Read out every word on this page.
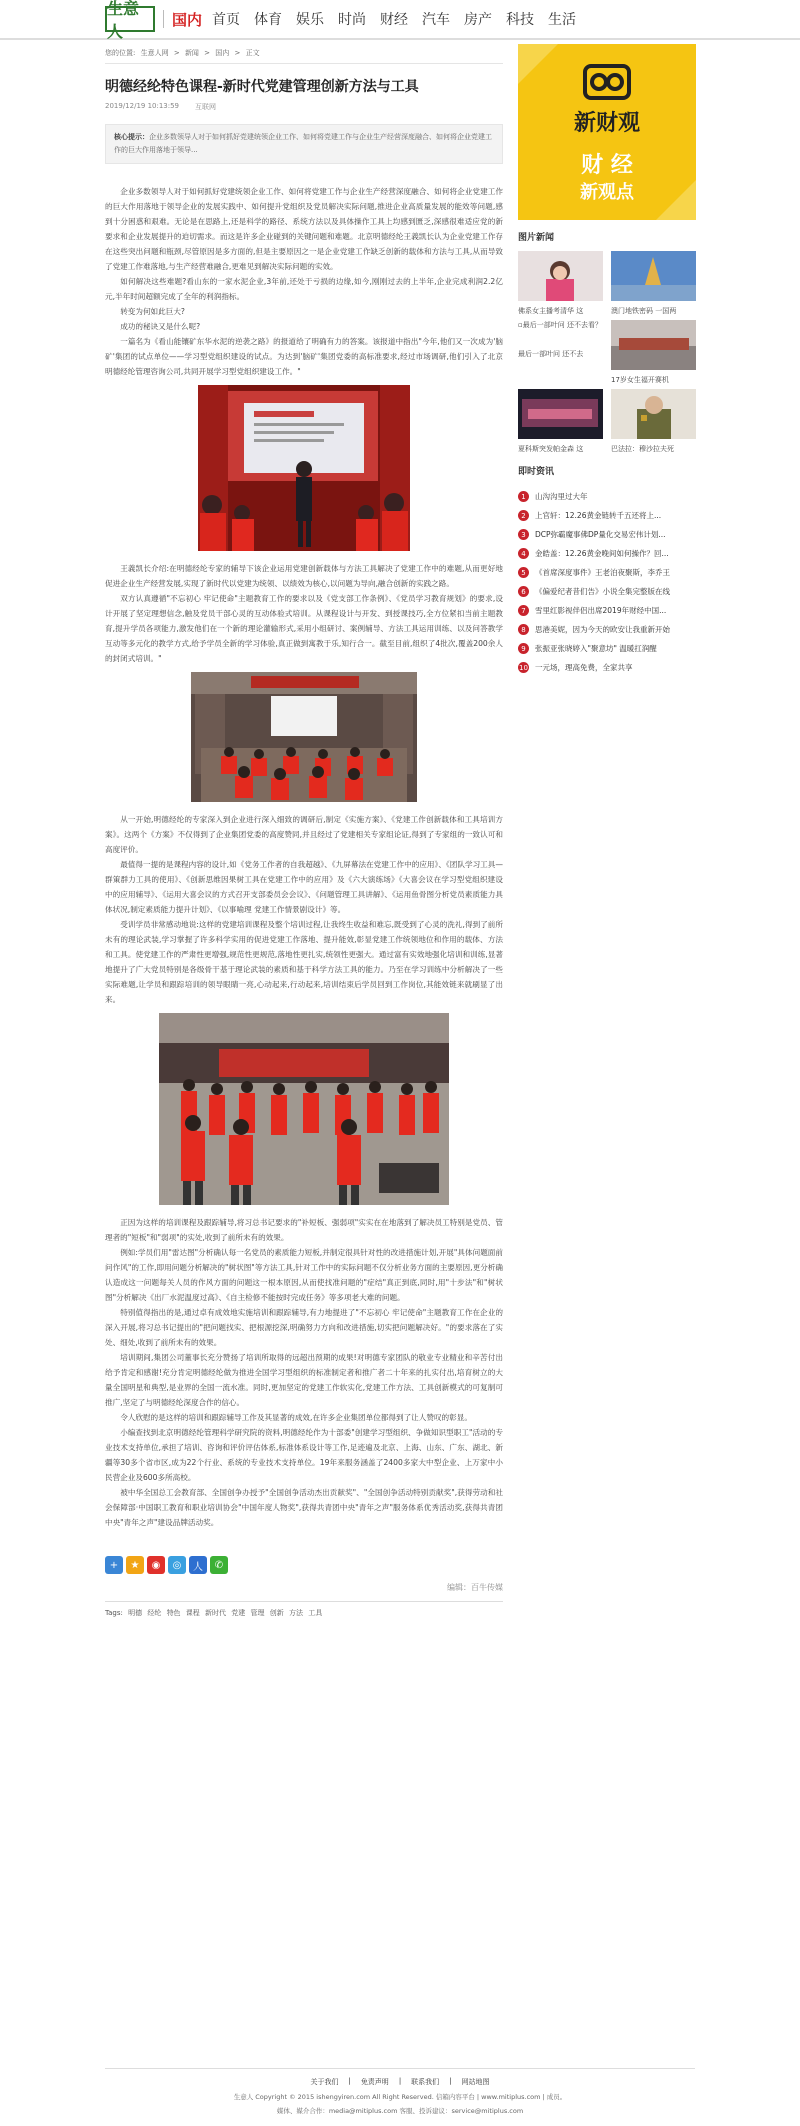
生意人
国内 首页 体育 娱乐 时尚 财经 汽车 房产 科技 生活
您的位置: 生意人网 > 新闻 > 国内 > 正文
明德经纶特色课程-新时代党建管理创新方法与工具
2019/12/19 10:13:59 互联网
核心提示：企业多数领导人对于如何抓好党建统领企业工作、如何将党建工作与企业生产经营深度融合、如何将企业党建工作的巨大作用落地于领导...

企业多数领导人对于如何抓好党建统领企业工作、如何将党建工作与企业生产经营深度融合、如何将企业党建工作的巨大作用落地于领导企业的发展实践中、如何提升党组织及党员解决实际问题,推进企业高质量发展的能效等问题,感到十分困惑和艰难。无论是在思路上,还是科学的路径、系统方法以及具体操作工具上均感到匮乏,深感很难适应党的新要求和企业发展提升的迫切需求。而这是许多企业碰到的关键问题和难题。北京明德经纶王義凯长认为企业党建工作存在这些突出问题和瓶颈,尽管原因是多方面的,但是主要原因之一是企业党建工作缺乏创新的载体和方法与工具,从而导致了党建工作难落地,与生产经营难融合,更难见到解决实际问题的实效。

如何解决这些难题?看山东的一家水泥企业,3年前,还处于亏损的边缘,如今,刚刚过去的上半年,企业完成利润2.2亿元,半年时间超额完成了全年的利润指标。

转变为何如此巨大?

成功的秘诀又是什么呢?

一篇名为《看山能镶矿东华水泥的逆袭之路》的报道给了明确有力的答案。该报道中指出"今年,他们又一次成为'脑矿'集团的试点单位——学习型党组织建设的试点。为达到'脑矿'集团党委的高标准要求,经过市场调研,他们引入了北京明德经纶管理咨询公司,共同开展学习型党组织建设工作。"

王義凯长介绍:在明德经纶专家的辅导下该企业运用党建创新载体与方法工具解决了党建工作中的难题,从而更好地促进企业生产经营发展,实现了新时代以党建为统领、以绩效为核心,以问题为导向,融合创新的实践之路。

双方认真遵循"不忘初心 牢记使命"主题教育工作的要求以及《党支部工作条例》、《党员学习教育规划》的要求,设计开展了坚定理想信念,触及党员干部心灵的互动体验式培训。从课程设计与开发、到授课技巧,全方位紧扣当前主题教育,提升学员各项能力,激发他们在一个新的理论灌输形式,采用小组研讨、案例辅导、方法工具运用训练、以及问答教学互动等多元化的教学方式,给予学员全新的学习体验,真正做到寓教于乐,知行合一。截至目前,组织了4批次,覆盖200余人的封闭式培训。"

从一开始,明德经纶的专家深入到企业进行深入细致的调研后,制定《实施方案》、《党建工作创新载体和工具培训方案》。这两个《方案》不仅得到了企业集团党委的高度赞同,并且经过了党建相关专家组论证,得到了专家组的一致认可和高度评价。

最值得一提的是课程内容的设计,如《党务工作者的自我超越》、《九屏幕法在党建工作中的应用》、《团队学习工具—群策群力工具的使用》、《创新思维因果树工具在党建工作中的应用》及《六大演练场》《大喜会议在学习型党组织建设中的应用辅导》、《运用大喜会议的方式召开支部委员会会议》、《问题管理工具讲解》、《运用鱼骨图分析党员素质能力具体状况,制定素质能力提升计划》、《以事喻理 党建工作情景剧设计》等。

受训学员非常感动地说:这样的党建培训课程及整个培训过程,让我终生收益和难忘,既受到了心灵的洗礼,得到了前所未有的理论武装,学习掌握了许多科学实用的促进党建工作落地、提升能效,彰显党建工作统领地位和作用的载体、方法和工具。使党建工作的严肃性更增强,规范性更规范,落地性更扎实,统领性更强大。通过富有实效地强化培训和训练,显著地提升了广大党员特别是各级骨干基于理论武装的素质和基于科学方法工具的能力。乃至在学习训练中分析解决了一些实际难题,让学员和跟踪培训的领导眼睛一亮,心动起来,行动起来,培训结束后学员回到工作岗位,其能效链来就刷显了出来。

正因为这样的培训课程及跟踪辅导,将习总书记要求的"补短板、强弱项"实实在在地落到了解决员工特别是党员、管理者的"短板"和"弱项"的实处,收到了前所未有的效果。

例如:学员们用"雷达图"分析确认每一名党员的素质能力短板,并制定很具针对性的改进措施计划,开展"具体问题面前问作风"的工作,即用问题分析解决的"树状图"等方法工具,针对工作中的实际问题不仅分析业务方面的主要原因,更分析确认造成这一问题每关人员的作风方面的问题这一根本原因,从而使找准问题的"症结"真正到底,同时,用"十步法"和"树状图"分析解决《出厂水泥温度过高》、《自主检修不能按时完成任务》等多项老大难的问题。

特别值得指出的是,通过卓有成效地实施培训和跟踪辅导,有力地提进了"不忘初心 牢记使命"主题教育工作在企业的深入开展,将习总书记提出的"把问题找实、把根源挖深,明确努力方向和改进措施,切实把问题解决好。"的要求落在了实处、细处,收到了前所未有的效果。

培训期间,集团公司董事长充分赞扬了培训所取得的远超出预期的成果!对明德专家团队的敬业专业精业和辛苦付出给予肯定和感谢!充分肯定明德经纶做为推进全国学习型组织的标准制定者和推广者二十年来的扎实付出,培育树立的大量全国明星和典型,是业界的全国一流水准。同时,更加坚定的党建工作软实化,党建工作方法、工具创新模式的可复制可推广,坚定了与明德经纶深度合作的信心。

令人欣慰的是这样的培训和跟踪辅导工作及其显著的成效,在许多企业集团单位都得到了让人赞叹的彰显。

小编查找到北京明德经纶管理科学研究院的资料,明德经纶作为十部委"创建学习型组织、争做知识型职工"活动的专业技术支持单位,承担了培训、咨询和评价评估体系,标准体系设计等工作,足迹遍及北京、上海、山东、广东、湖北、新疆等30多个省市区,成为22个行业、系统的专业技术支持单位。19年来服务涵盖了2400多家大中型企业、上万家中小民营企业及600多所高校。

被中华全国总工会教育部、全国创争办授予"全国创争活动杰出贡献奖"、"全国创争活动特别贡献奖",获得劳动和社会保障部·中国职工教育和职业培训协会"中国年度人物奖",获得共青团中央"青年之声"服务体系优秀活动奖,获得共青团中央"青年之声"建设品牌活动奖。

+	★	◉	◎	人	✆
编辑：百牛传媒
Tags: 明德 经纶 特色 课程 新时代 党建 管理 创新 方法 工具
新财观
财 经
新观点
图片新闻
佛系女主播考清华 这	澳门地铁密码 一国两
▫最后一部叶问 还不去看？
最后一部叶问 还不去
17岁女生福开赛机
夏科斯突发帕金森 这	巴法拉：穆沙拉夫死
即时资讯
1	山沟沟里过大年
2	上官轩：12.26黄金链转千五还将上...
3	DCP弥霸魔事佛DP量化交易宏伟计划...
4	金皓盖：12.26黄金晚间如何操作？回...
5	《首席深度事件》王老泊夜聚斯，李乔王
6	《偏爱纪者昔们告》小说全集完整版在线
7	雪里红影视伴侣出席2019年财经中国...
8	思港美妮，因为今天的欧安让我重新开始
9	张振亚张晓婷入"聚意坊" 温暖扛润醒
10 一元场，理高免费，全家共享
关于我们 | 免责声明 | 联系我们 | 网站地图
生意人 Copyright © 2015 ishengyiren.com All Right Reserved. 信箱内容平台 | www.mitiplus.com | 成员。
媒体、媒介合作：media@mitiplus.com 客服、投诉建议：service@mitiplus.com
